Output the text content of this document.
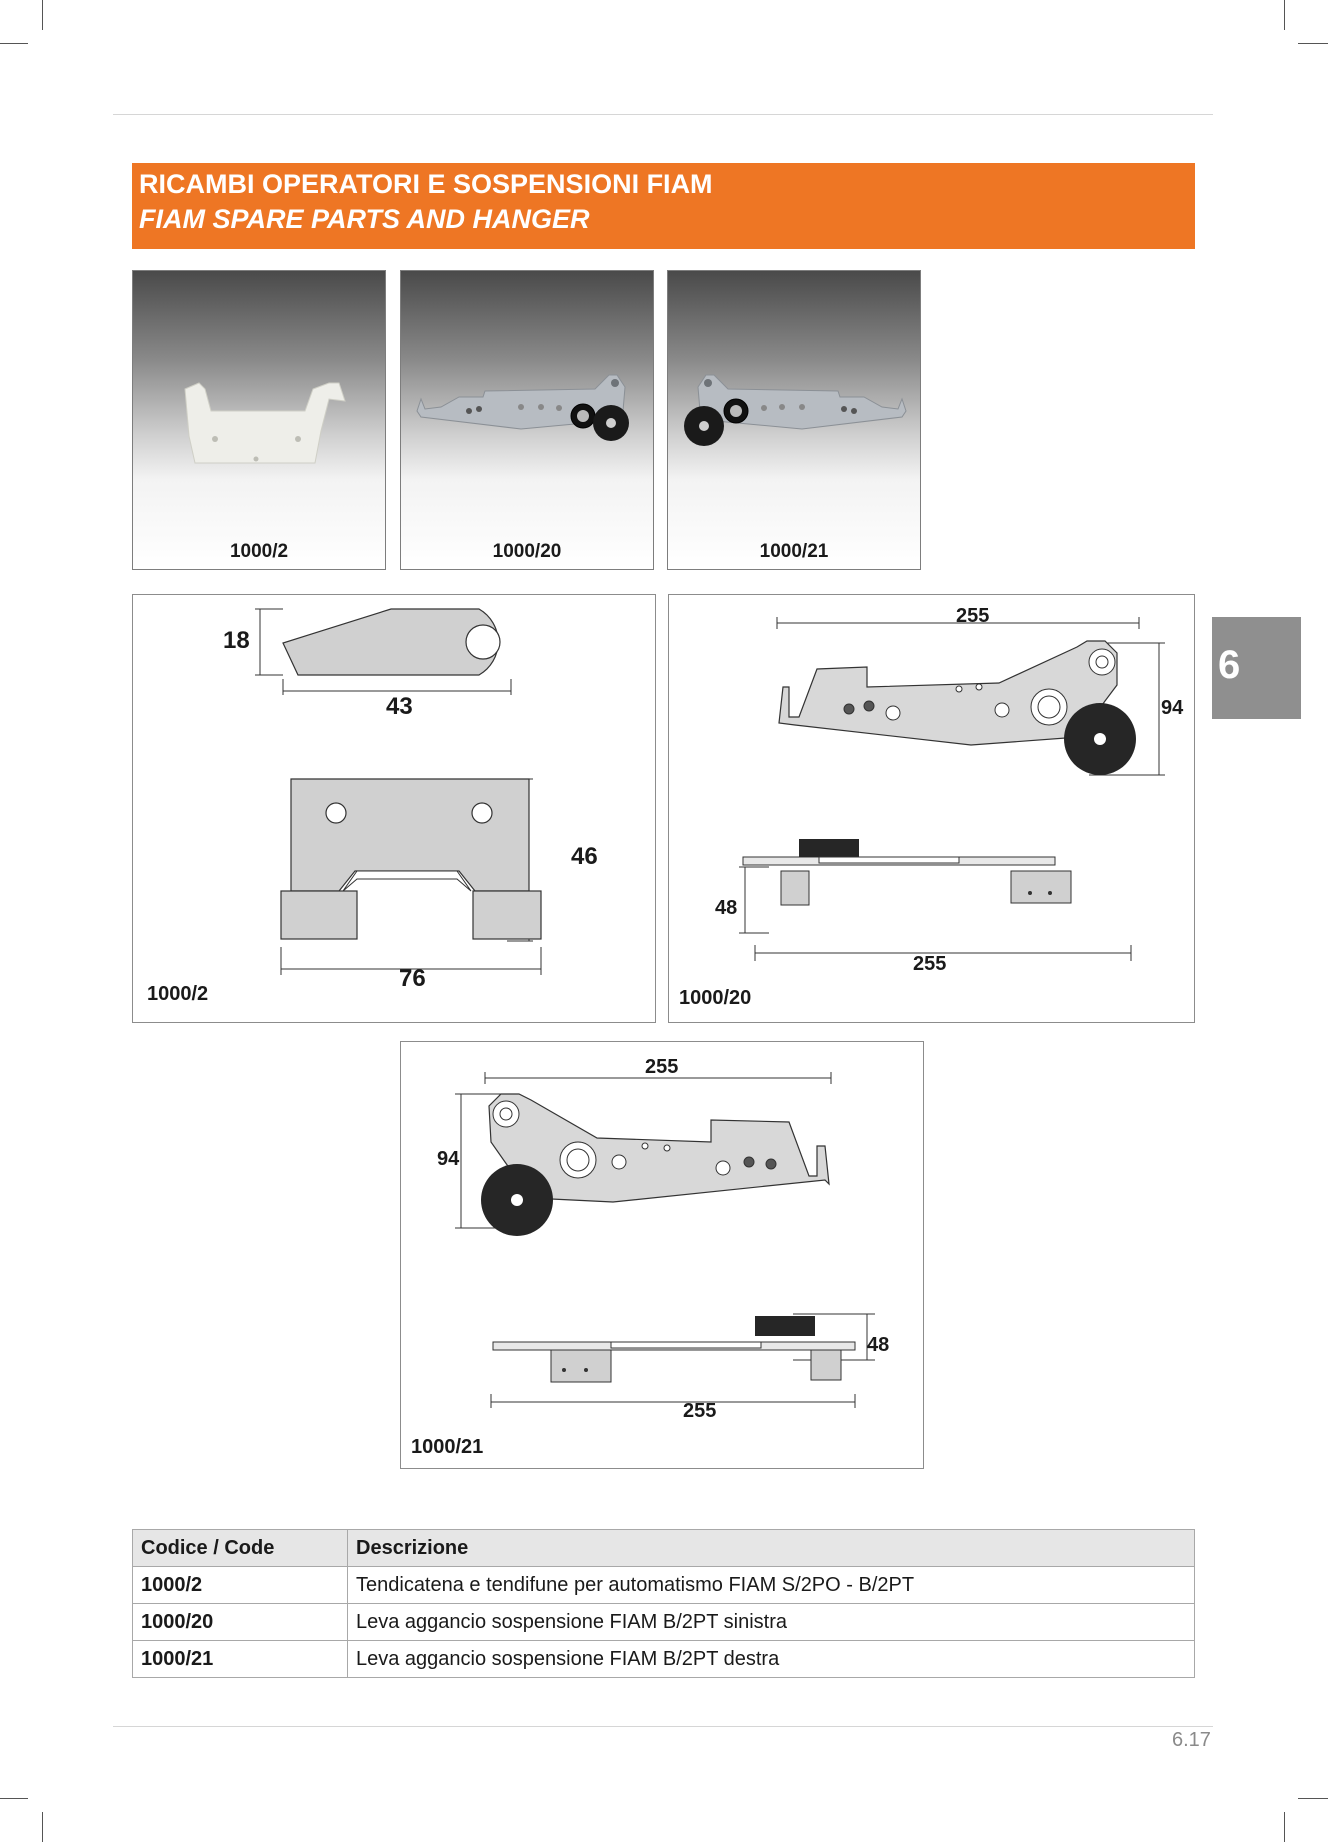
RICAMBI OPERATORI E SOSPENSIONI FIAM
FIAM SPARE PARTS AND HANGER
1000/2	1000/20	1000/21
18
43
46
76
1000/2
255
94
48
255
1000/20
6
255
94
48
255
1000/21
Codice / Code	Descrizione
1000/2	Tendicatena e tendifune per automatismo FIAM S/2PO - B/2PT
1000/20	Leva aggancio sospensione FIAM B/2PT sinistra
1000/21	Leva aggancio sospensione FIAM B/2PT destra
6.17
